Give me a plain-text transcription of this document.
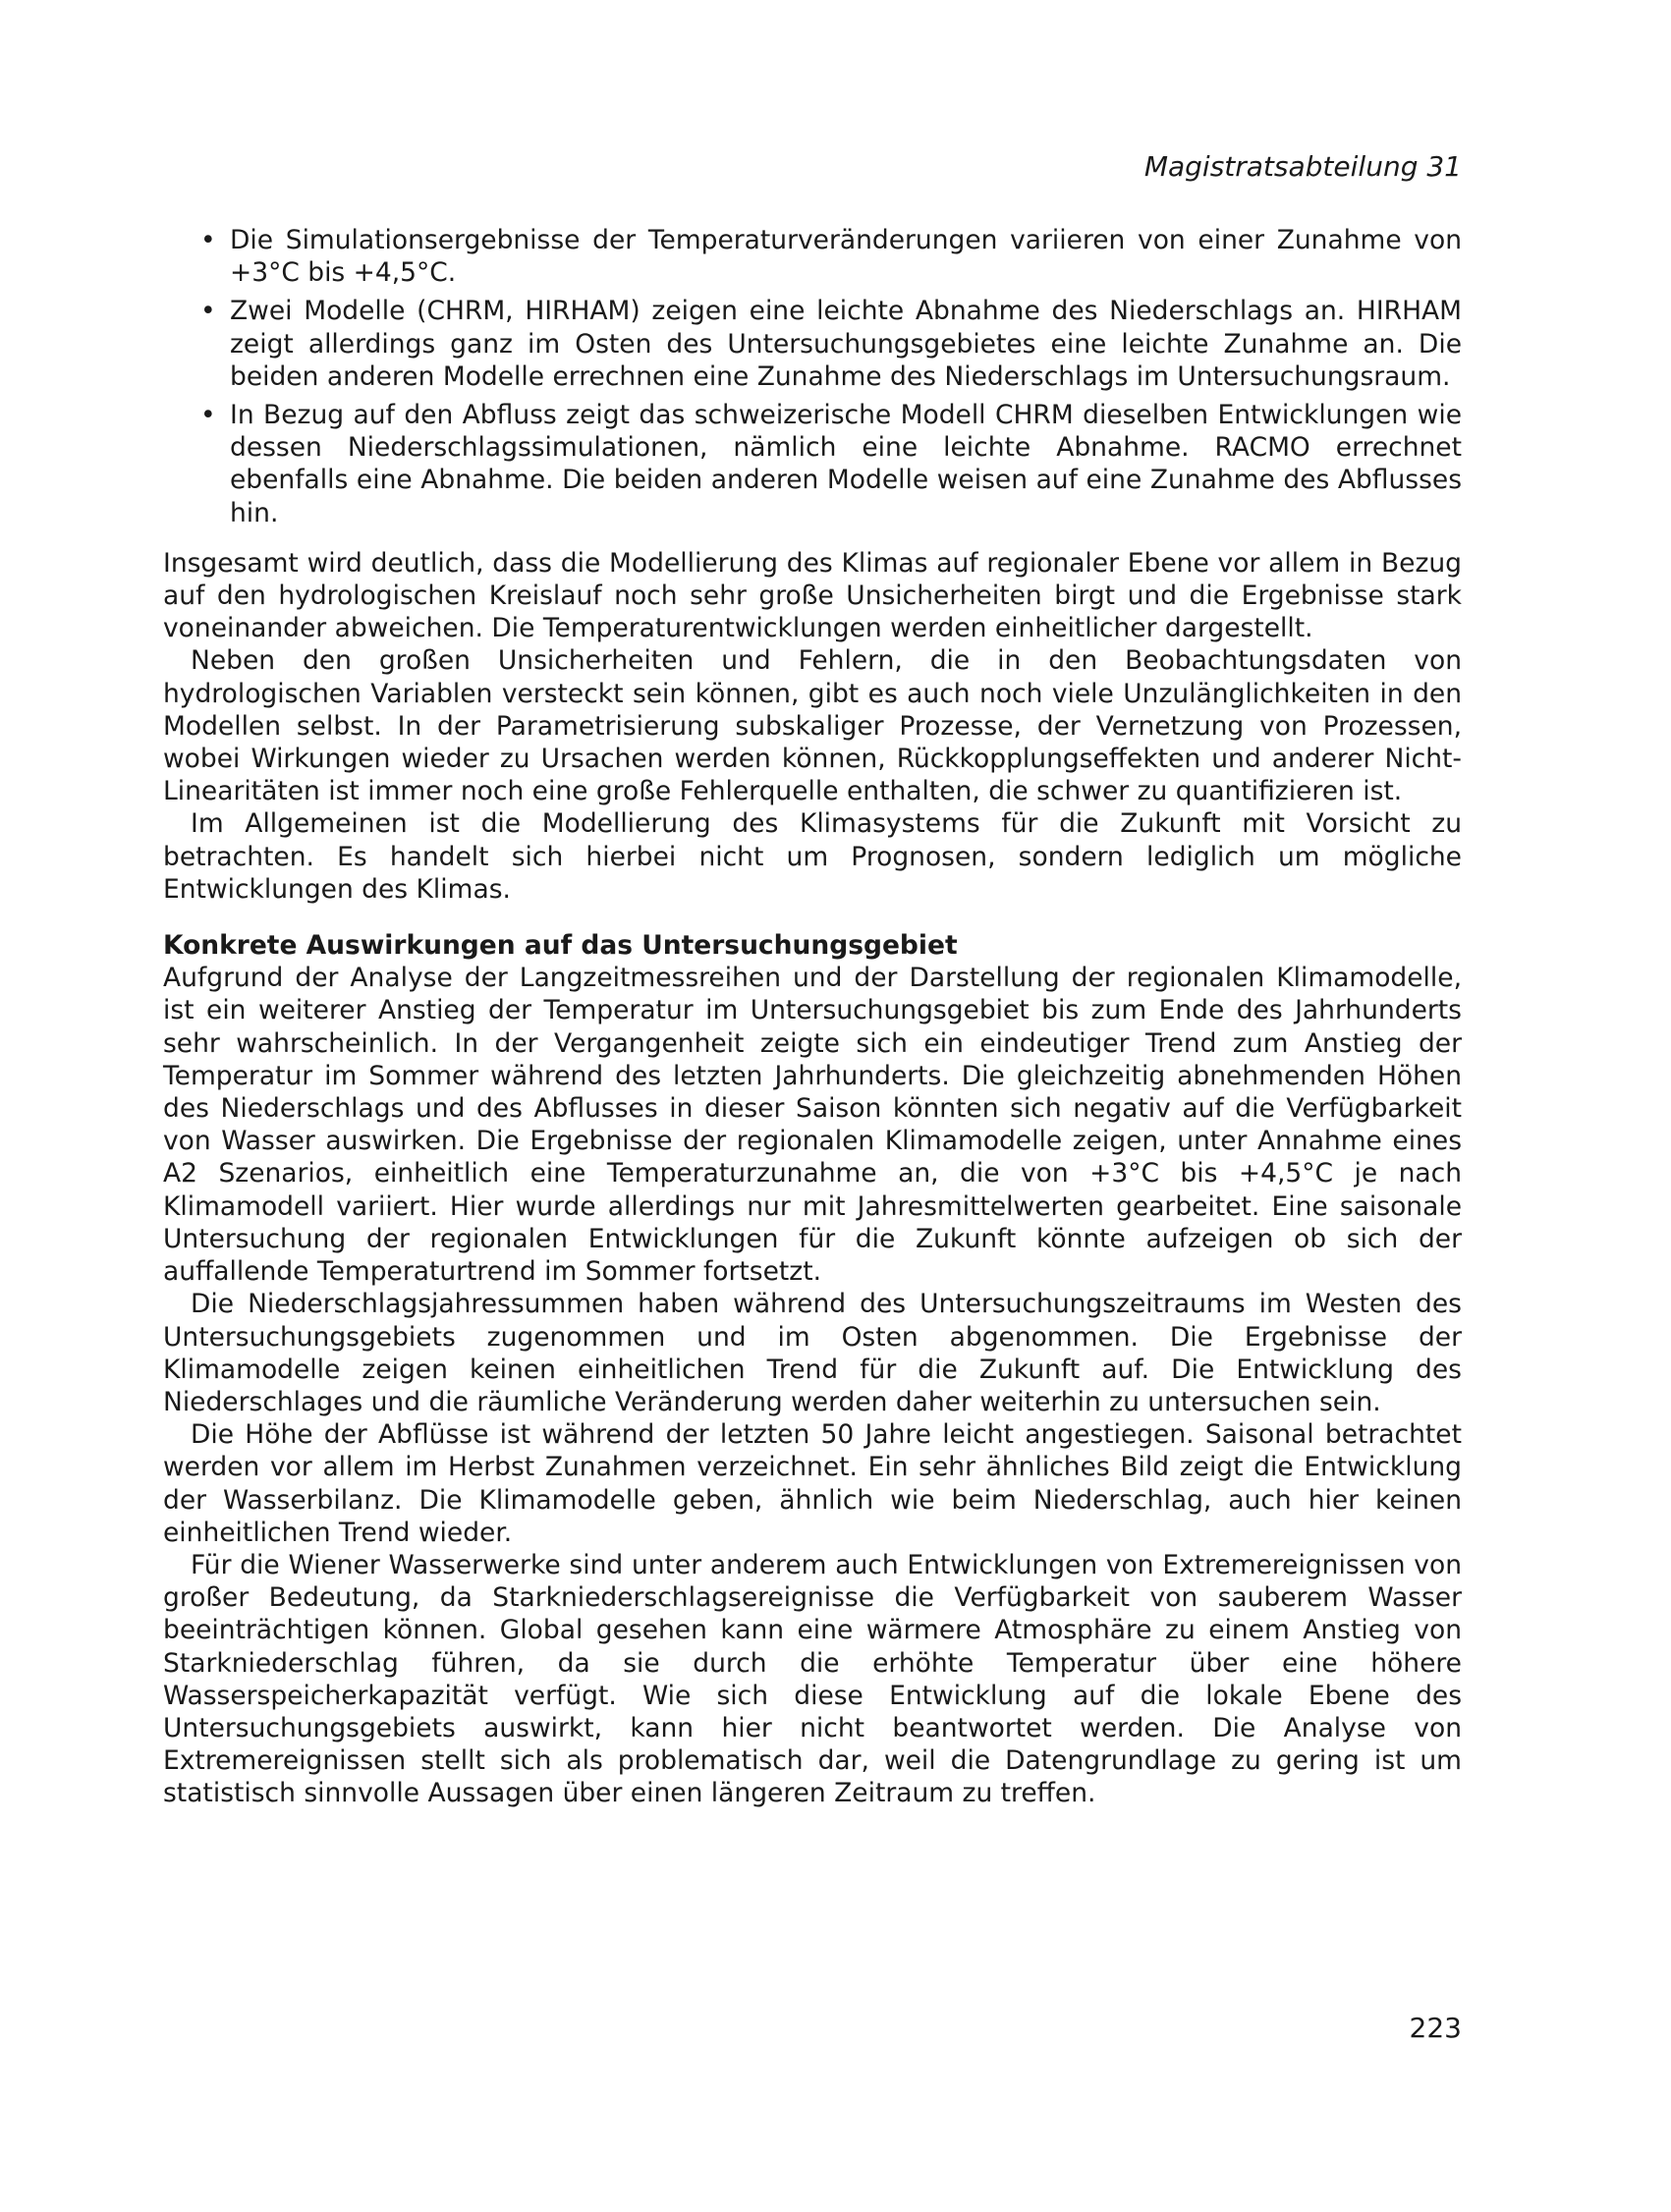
Magistratsabteilung 31
• Die Simulationsergebnisse der Temperaturveränderungen variieren von einer Zunahme von +3°C bis +4,5°C.
• Zwei Modelle (CHRM, HIRHAM) zeigen eine leichte Abnahme des Niederschlags an. HIRHAM zeigt allerdings ganz im Osten des Untersuchungsgebietes eine leichte Zunahme an. Die beiden anderen Modelle errechnen eine Zunahme des Niederschlags im Untersuchungsraum.
• In Bezug auf den Abfluss zeigt das schweizerische Modell CHRM dieselben Entwicklungen wie dessen Niederschlagssimulationen, nämlich eine leichte Abnahme. RACMO errechnet ebenfalls eine Abnahme. Die beiden anderen Modelle weisen auf eine Zunahme des Abflusses hin.

Insgesamt wird deutlich, dass die Modellierung des Klimas auf regionaler Ebene vor allem in Bezug auf den hydrologischen Kreislauf noch sehr große Unsicherheiten birgt und die Ergebnisse stark voneinander abweichen. Die Temperaturentwicklungen werden einheitlicher dargestellt.

Neben den großen Unsicherheiten und Fehlern, die in den Beobachtungsdaten von hydrologischen Variablen versteckt sein können, gibt es auch noch viele Unzulänglichkeiten in den Modellen selbst. In der Parametrisierung subskaliger Prozesse, der Vernetzung von Prozessen, wobei Wirkungen wieder zu Ursachen werden können, Rückkopplungseffekten und anderer Nicht-Linearitäten ist immer noch eine große Fehlerquelle enthalten, die schwer zu quantifizieren ist.

Im Allgemeinen ist die Modellierung des Klimasystems für die Zukunft mit Vorsicht zu betrachten. Es handelt sich hierbei nicht um Prognosen, sondern lediglich um mögliche Entwicklungen des Klimas.

Konkrete Auswirkungen auf das Untersuchungsgebiet

Aufgrund der Analyse der Langzeitmessreihen und der Darstellung der regionalen Klimamodelle, ist ein weiterer Anstieg der Temperatur im Untersuchungsgebiet bis zum Ende des Jahrhunderts sehr wahrscheinlich. In der Vergangenheit zeigte sich ein eindeutiger Trend zum Anstieg der Temperatur im Sommer während des letzten Jahrhunderts. Die gleichzeitig abnehmenden Höhen des Niederschlags und des Abflusses in dieser Saison könnten sich negativ auf die Verfügbarkeit von Wasser auswirken. Die Ergebnisse der regionalen Klimamodelle zeigen, unter Annahme eines A2 Szenarios, einheitlich eine Temperaturzunahme an, die von +3°C bis +4,5°C je nach Klimamodell variiert. Hier wurde allerdings nur mit Jahresmittelwerten gearbeitet. Eine saisonale Untersuchung der regionalen Entwicklungen für die Zukunft könnte aufzeigen ob sich der auffallende Temperaturtrend im Sommer fortsetzt.

Die Niederschlagsjahressummen haben während des Untersuchungszeitraums im Westen des Untersuchungsgebiets zugenommen und im Osten abgenommen. Die Ergebnisse der Klimamodelle zeigen keinen einheitlichen Trend für die Zukunft auf. Die Entwicklung des Niederschlages und die räumliche Veränderung werden daher weiterhin zu untersuchen sein.

Die Höhe der Abflüsse ist während der letzten 50 Jahre leicht angestiegen. Saisonal betrachtet werden vor allem im Herbst Zunahmen verzeichnet. Ein sehr ähnliches Bild zeigt die Entwicklung der Wasserbilanz. Die Klimamodelle geben, ähnlich wie beim Niederschlag, auch hier keinen einheitlichen Trend wieder.

Für die Wiener Wasserwerke sind unter anderem auch Entwicklungen von Extremereignissen von großer Bedeutung, da Starkniederschlagsereignisse die Verfügbarkeit von sauberem Wasser beeinträchtigen können. Global gesehen kann eine wärmere Atmosphäre zu einem Anstieg von Starkniederschlag führen, da sie durch die erhöhte Temperatur über eine höhere Wasserspeicherkapazität verfügt. Wie sich diese Entwicklung auf die lokale Ebene des Untersuchungsgebiets auswirkt, kann hier nicht beantwortet werden. Die Analyse von Extremereignissen stellt sich als problematisch dar, weil die Datengrundlage zu gering ist um statistisch sinnvolle Aussagen über einen längeren Zeitraum zu treffen.

223
